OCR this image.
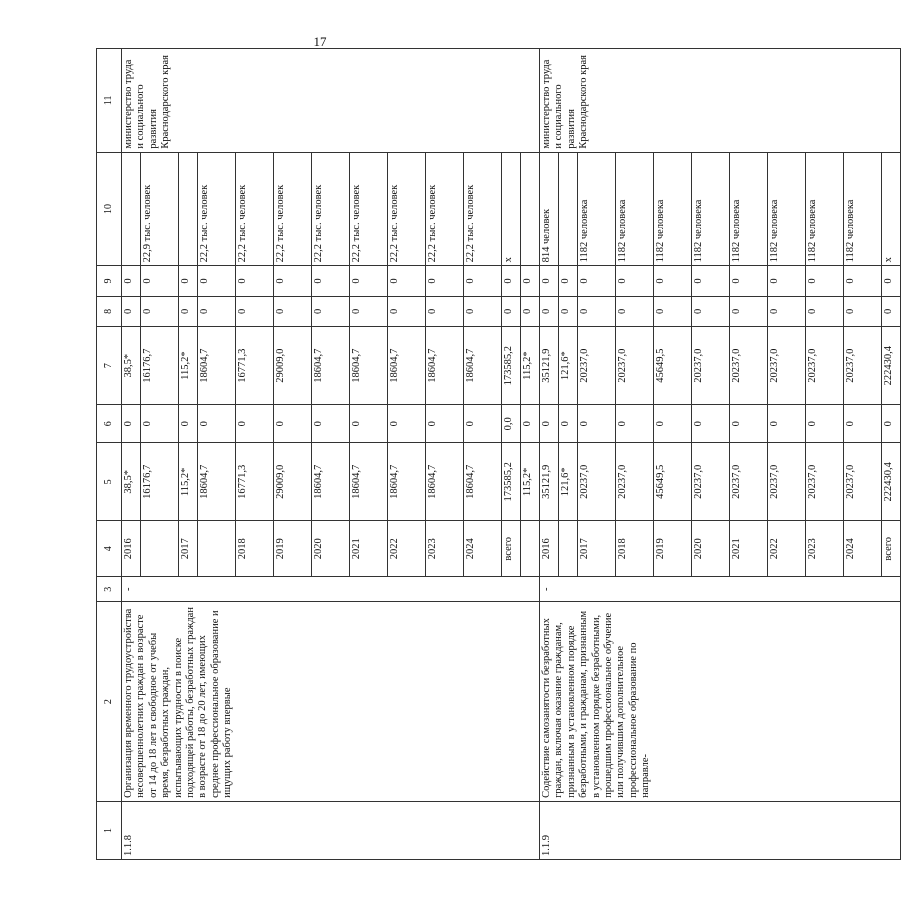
17
1	2	3	4	5	6	7	8	9	10	11
1.1.8	Организация временного трудоустройства несовершеннолетних граждан в возрасте от 14 до 18 лет в свободное от учебы время, безработных граждан, испытывающих трудности в поиске подходящей работы, безработных граждан в возрасте от 18 до 20 лет, имеющих среднее профессиональное образование и ищущих работу впервые	-	2016	38,5*	0	38,5*	0	0		министерство труда и социального развития Краснодарского края
				16176,7	0	16176,7	0	0	22,9 тыс. человек	
			2017	115,2*	0	115,2*	0	0		
				18604,7	0	18604,7	0	0	22,2 тыс. человек	
			2018	16771,3	0	16771,3	0	0	22,2 тыс. человек	
			2019	29009,0	0	29009,0	0	0	22,2 тыс. человек	
			2020	18604,7	0	18604,7	0	0	22,2 тыс. человек	
			2021	18604,7	0	18604,7	0	0	22,2 тыс. человек	
			2022	18604,7	0	18604,7	0	0	22,2 тыс. человек	
			2023	18604,7	0	18604,7	0	0	22,2 тыс. человек	
			2024	18604,7	0	18604,7	0	0	22,2 тыс. человек	
			всего	173585,2	0,0	173585,2	0	0	х	
				115,2*	0	115,2*	0	0		
1.1.9	Содействие самозанятости безработных граждан, включая оказание гражданам, признанным в установленном порядке безработными, и гражданам, признанным в установленном порядке безработными, прошедшим профессиональное обучение или получившим дополнительное профессиональное образование по направле-	-	2016	35121,9	0	35121,9	0	0	814 человек	министерство труда и социального развития Краснодарского края
				121,6*	0	121,6*	0	0		
			2017	20237,0	0	20237,0	0	0	1182 человека	
			2018	20237,0	0	20237,0	0	0	1182 человека	
			2019	45649,5	0	45649,5	0	0	1182 человека	
			2020	20237,0	0	20237,0	0	0	1182 человека	
			2021	20237,0	0	20237,0	0	0	1182 человека	
			2022	20237,0	0	20237,0	0	0	1182 человека	
			2023	20237,0	0	20237,0	0	0	1182 человека	
			2024	20237,0	0	20237,0	0	0	1182 человека	
			всего	222430,4	0	222430,4	0	0	х	
